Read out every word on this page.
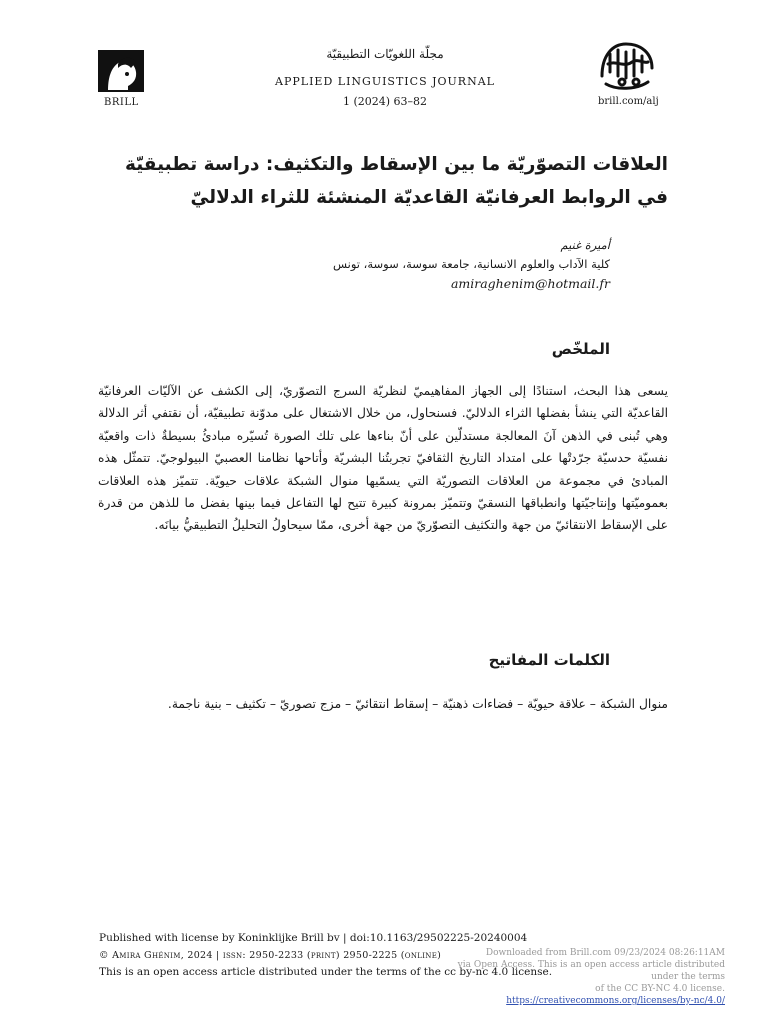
BRILL
مجلّة اللغويّات التطبيقيّة
APPLIED LINGUISTICS JOURNAL
1 (2024) 63–82	brill.com/alj
العلاقات التصوّريّة ما بين الإسقاط والتكثيف: دراسة تطبيقيّة في الروابط العرفانيّة القاعديّة المنشئة للثراء الدلاليّ
أميرة غنيم
كلية الآداب والعلوم الانسانية، جامعة سوسة، سوسة، تونس
amiraghenim@hotmail.fr
الملخّص
يسعى هذا البحث، استنادًا إلى الجهاز المفاهيميّ لنظريّة السرج التصوّريّ، إلى الكشف عن الآليّات العرفانيّة القاعديّة التي ينشأ بفضلها الثراء الدلاليّ. فسنحاول، من خلال الاشتغال على مدوّنة تطبيقيّة، أن نقتفي أثر الدلالة وهي تُبنى في الذهن آنَ المعالجة مستدلّين على أنّ بناءها على تلك الصورة تُسيّره مبادئُ بسيطةٌ ذات واقعيّة نفسيّة حدسيّة جرّدتْها على امتداد التاريخ الثقافيّ تجربتُنا البشريّة وأتاحها نظامنا العصبيّ البيولوجيّ. تتمثّل هذه المبادئ في مجموعة من العلاقات التصوريّة التي يسمّيها منوال الشبكة علاقات حيويّة. تتميّز هذه العلاقات بعموميّتها وإنتاجيّتها وانطباقها النسقيّ وتتميّز بمرونة كبيرة تتيح لها التفاعل فيما بينها بفضل ما للذهن من قدرة على الإسقاط الانتقائيّ من جهة والتكثيف التصوّريّ من جهة أخرى، ممّا سيحاولُ التحليلُ التطبيقيُّ بيانَه.
الكلمات المفاتيح
منوال الشبكة – علاقة حيويّة – فضاءات ذهنيّة – إسقاط انتقائيّ – مزج تصوريّ – تكثيف – بنية ناجمة.
Published with license by Koninklijke Brill bv | doi:10.1163/29502225-20240004
© Amira Ghénim, 2024 | issn: 2950-2233 (print) 2950-2225 (online)
This is an open access article distributed under the terms of the cc by-nc 4.0 license.
Downloaded from Brill.com 09/23/2024 08:26:11AM
via Open Access. This is an open access article distributed under the terms
of the CC BY-NC 4.0 license.
https://creativecommons.org/licenses/by-nc/4.0/
